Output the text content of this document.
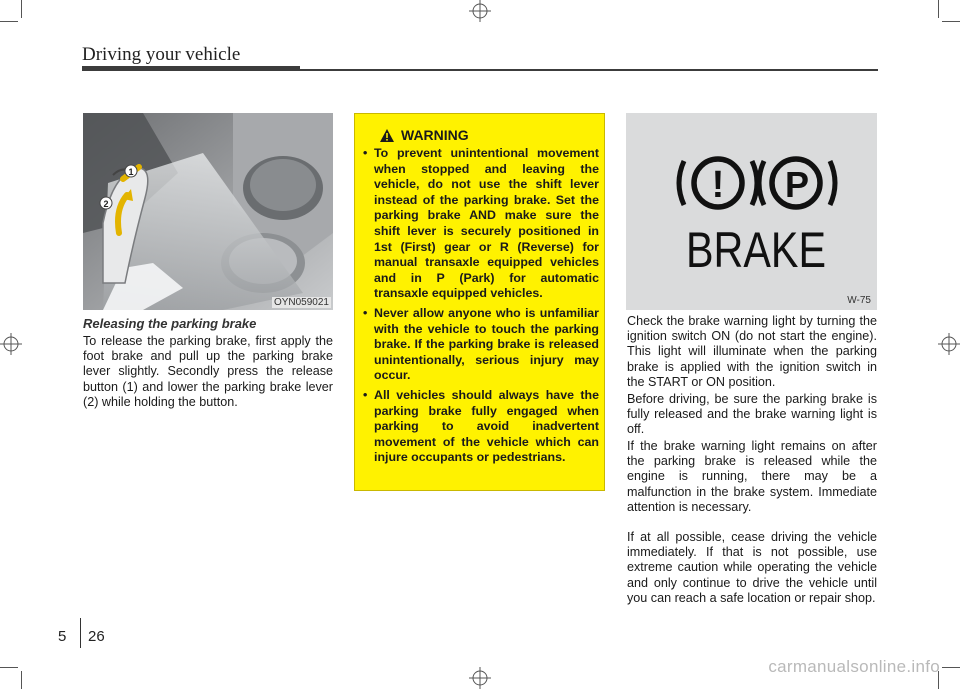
Driving your vehicle
1
2
OYN059021
Releasing the parking brake

To release the parking brake, first apply the foot brake and pull up the parking brake lever slightly. Secondly press the release button (1) and lower the parking brake lever (2) while holding the button.

WARNING
• To prevent unintentional movement when stopped and leaving the vehicle, do not use the shift lever instead of the parking brake. Set the parking brake AND make sure the shift lever is securely positioned in 1st (First) gear or R (Reverse) for manual transaxle equipped vehicles and in P (Park) for automatic transaxle equipped vehicles.
• Never allow anyone who is unfamiliar with the vehicle to touch the parking brake. If the parking brake is released unintentionally, serious injury may occur.
• All vehicles should always have the parking brake fully engaged when parking to avoid inadvertent movement of the vehicle which can injure occupants or pedestrians.
! P
BRAKE
W-75

Check the brake warning light by turning the ignition switch ON (do not start the engine). This light will illuminate when the parking brake is applied with the ignition switch in the START or ON position.

Before driving, be sure the parking brake is fully released and the brake warning light is off.

If the brake warning light remains on after the parking brake is released while the engine is running, there may be a malfunction in the brake system. Immediate attention is necessary.

If at all possible, cease driving the vehicle immediately. If that is not possible, use extreme caution while operating the vehicle and only continue to drive the vehicle until you can reach a safe location or repair shop.

5 26
carmanualsonline.info
